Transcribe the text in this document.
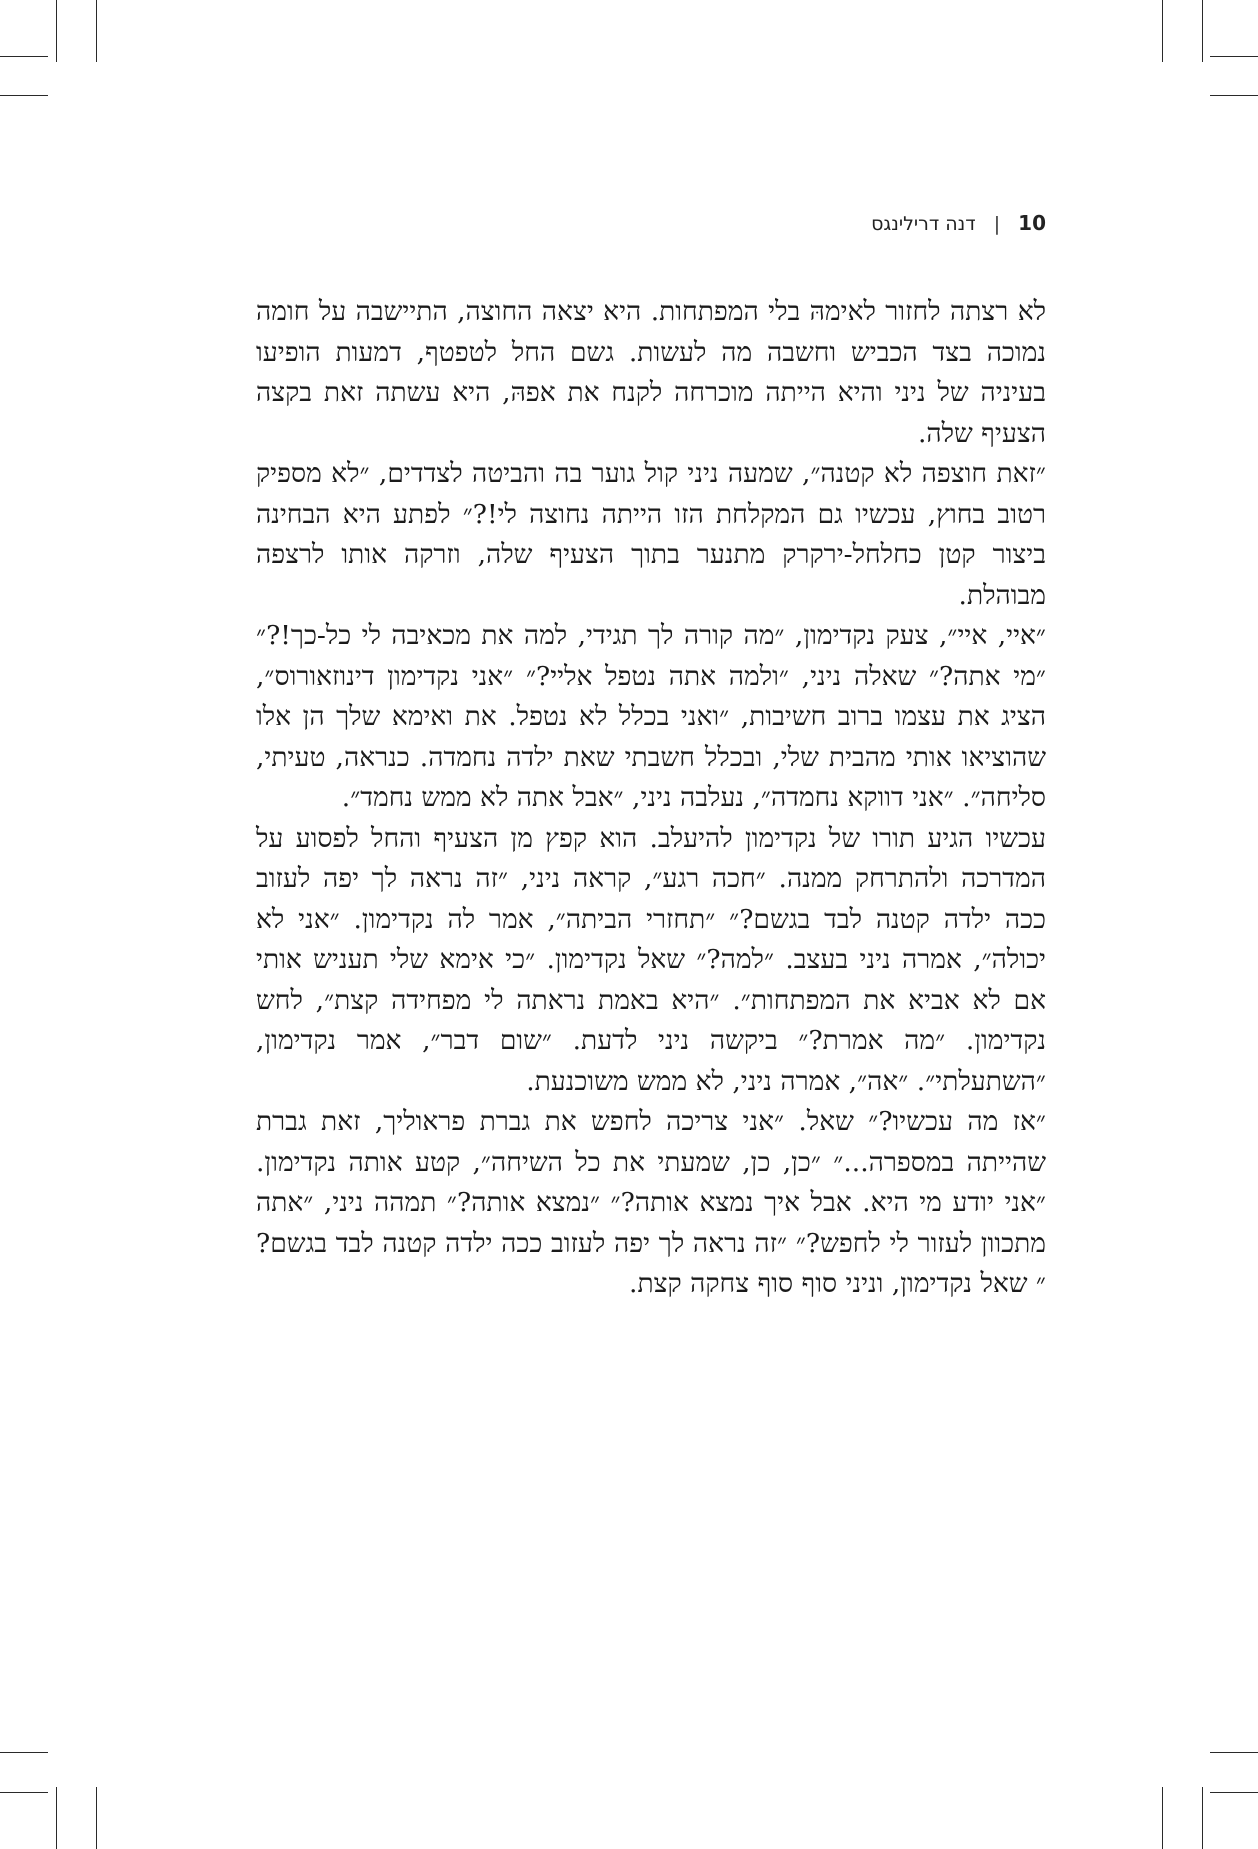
10 | דנה דרילינגס

לא רצתה לחזור לאימהּ בלי המפתחות. היא יצאה החוצה, התיישבה על חומה נמוכה בצד הכביש וחשבה מה לעשות. גשם החל לטפטף, דמעות הופיעו בעיניה של ניני והיא הייתה מוכרחה לקנח את אפהּ, היא עשתה זאת בקצה הצעיף שלה.

״זאת חוצפה לא קטנה״, שמעה ניני קול גוער בה והביטה לצדדים, ״לא מספיק רטוב בחוץ, עכשיו גם המקלחת הזו הייתה נחוצה לי!?״ לפתע היא הבחינה ביצור קטן כחלחל-ירקרק מתנער בתוך הצעיף שלה, וזרקה אותו לרצפה מבוהלת.

״איי, איי״, צעק נקדימון, ״מה קורה לך תגידי, למה את מכאיבה לי כל-כך!?״ ״מי אתה?״ שאלה ניני, ״ולמה אתה נטפל אליי?״ ״אני נקדימון דינוזאורוס״, הציג את עצמו ברוב חשיבות, ״ואני בכלל לא נטפל. את ואימא שלך הן אלו שהוציאו אותי מהבית שלי, ובכלל חשבתי שאת ילדה נחמדה. כנראה, טעיתי, סליחה״. ״אני דווקא נחמדה״, נעלבה ניני, ״אבל אתה לא ממש נחמד״.

עכשיו הגיע תורו של נקדימון להיעלב. הוא קפץ מן הצעיף והחל לפסוע על המדרכה ולהתרחק ממנה. ״חכה רגע״, קראה ניני, ״זה נראה לך יפה לעזוב ככה ילדה קטנה לבד בגשם?״ ״תחזרי הביתה״, אמר לה נקדימון. ״אני לא יכולה״, אמרה ניני בעצב. ״למה?״ שאל נקדימון. ״כי אימא שלי תעניש אותי אם לא אביא את המפתחות״. ״היא באמת נראתה לי מפחידה קצת״, לחש נקדימון. ״מה אמרת?״ ביקשה ניני לדעת. ״שום דבר״, אמר נקדימון, ״השתעלתי״. ״אה״, אמרה ניני, לא ממש משוכנעת.

״אז מה עכשיו?״ שאל. ״אני צריכה לחפש את גברת פראוליך, זאת גברת שהייתה במספרה...״ ״כן, כן, שמעתי את כל השיחה״, קטע אותה נקדימון. ״אני יודע מי היא. אבל איך נמצא אותה?״ ״נמצא אותה?״ תמהה ניני, ״אתה מתכוון לעזור לי לחפש?״ ״זה נראה לך יפה לעזוב ככה ילדה קטנה לבד בגשם?״ שאל נקדימון, וניני סוף סוף צחקה קצת.
